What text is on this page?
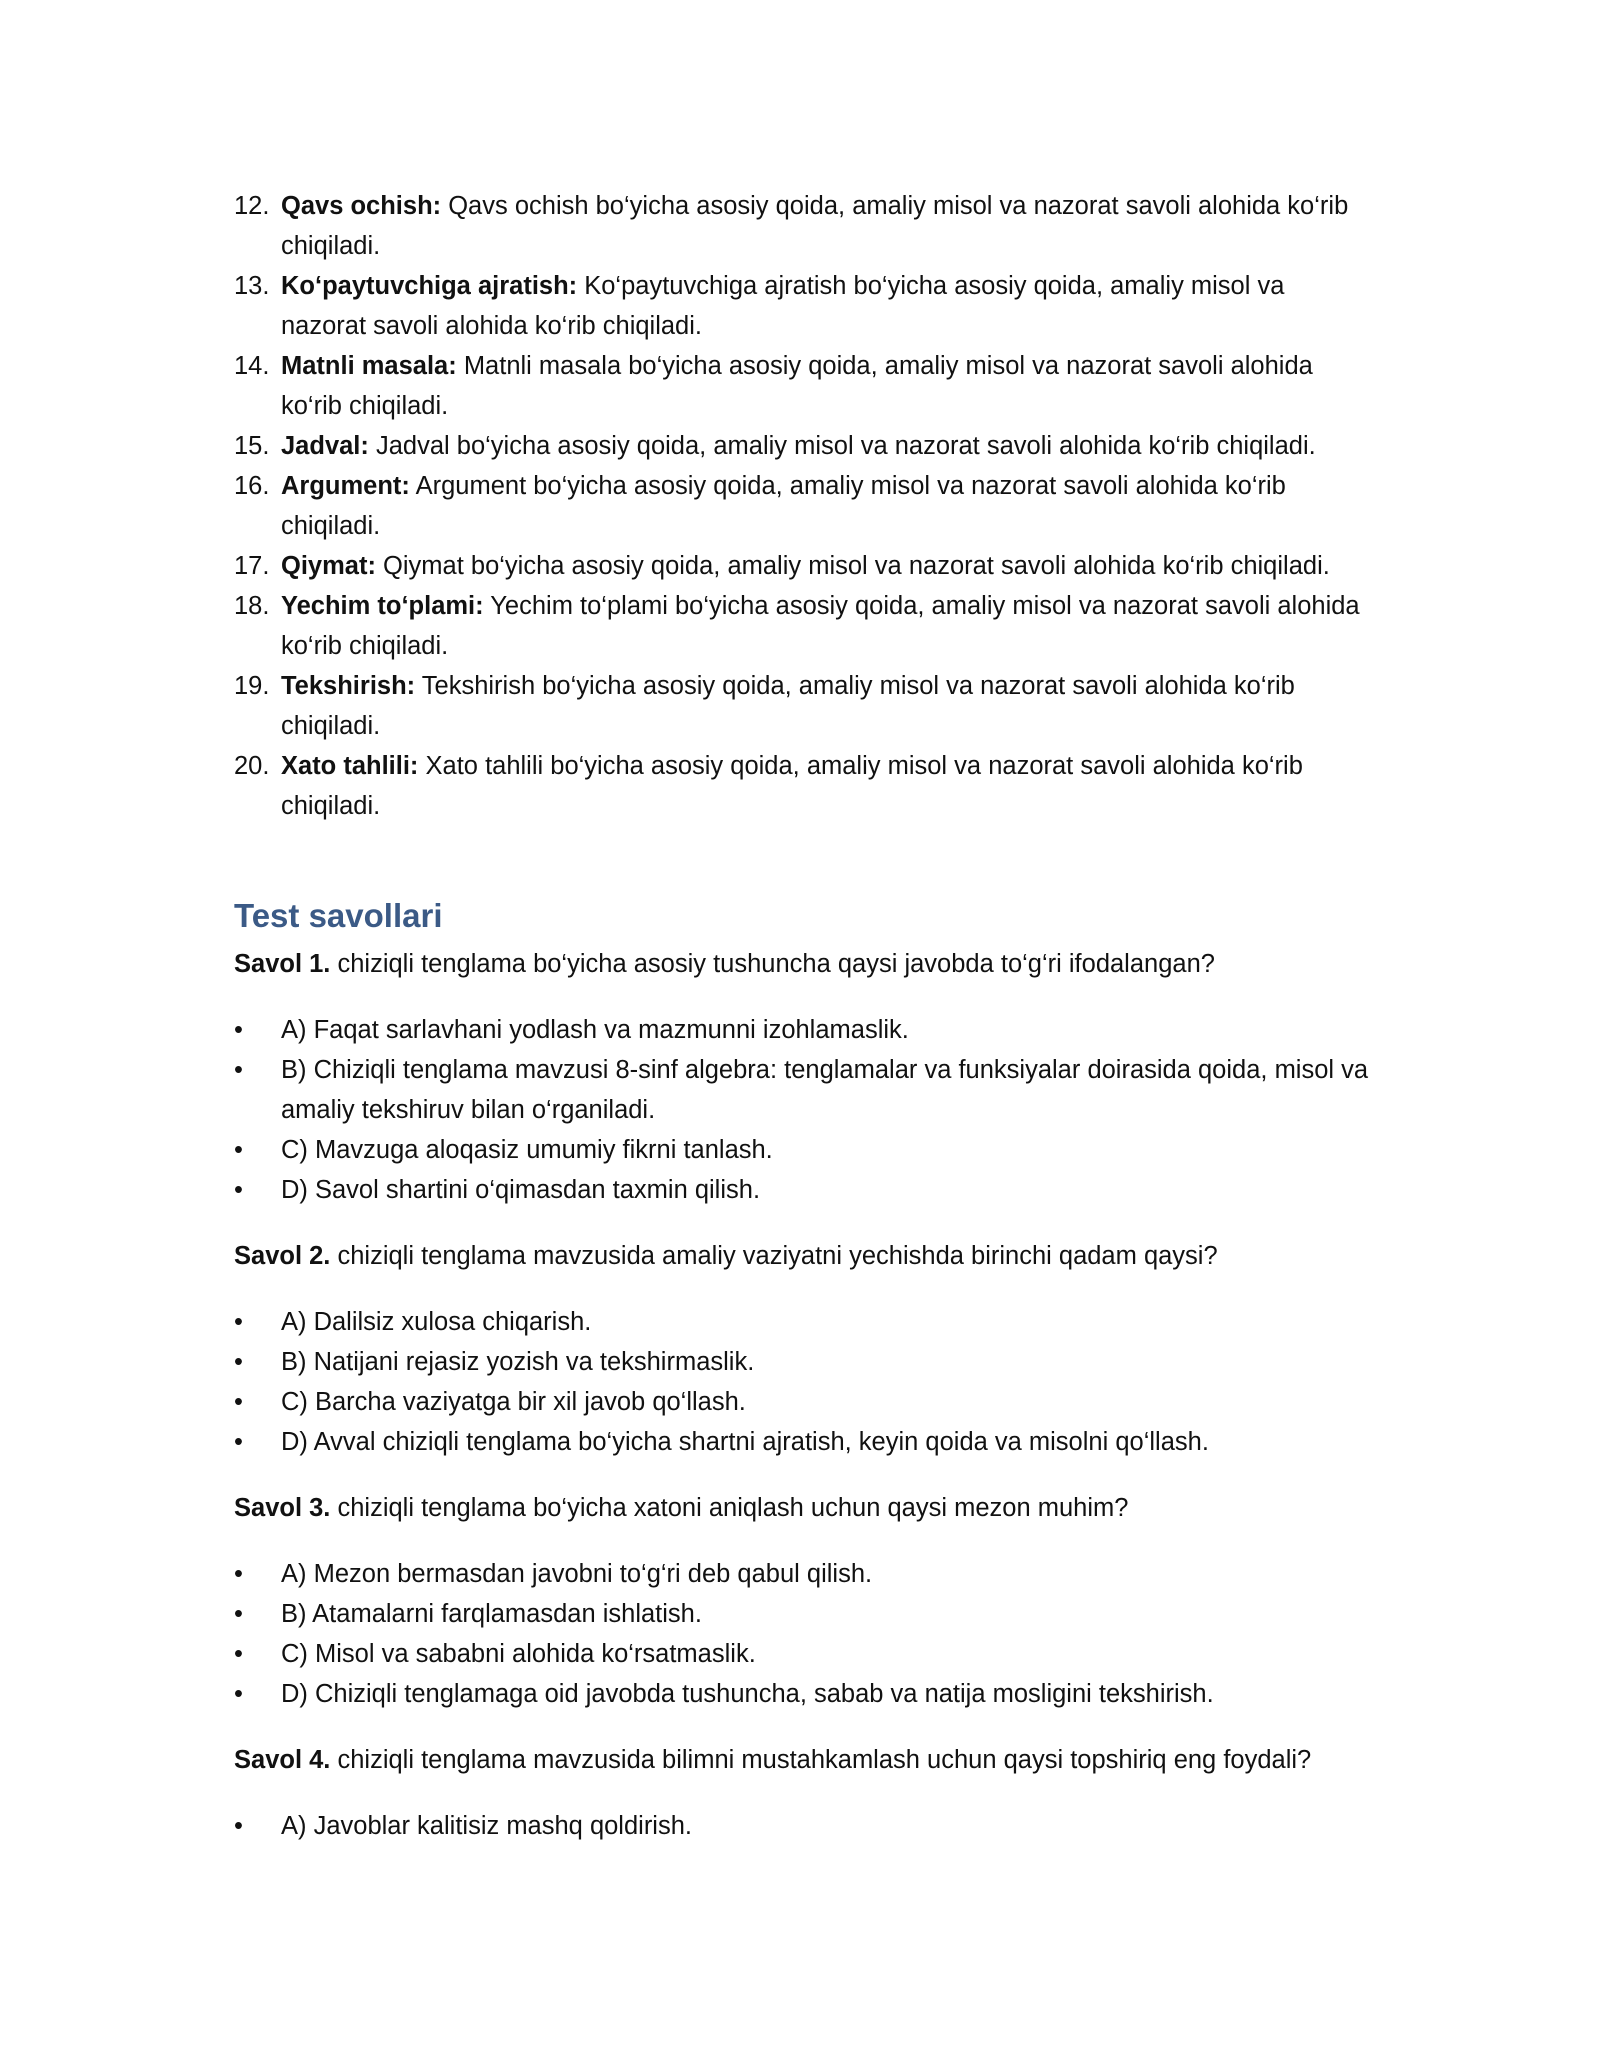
12. Qavs ochish: Qavs ochish bo‘yicha asosiy qoida, amaliy misol va nazorat savoli alohida ko‘rib chiqiladi.
13. Ko‘paytuvchiga ajratish: Ko‘paytuvchiga ajratish bo‘yicha asosiy qoida, amaliy misol va nazorat savoli alohida ko‘rib chiqiladi.
14. Matnli masala: Matnli masala bo‘yicha asosiy qoida, amaliy misol va nazorat savoli alohida ko‘rib chiqiladi.
15. Jadval: Jadval bo‘yicha asosiy qoida, amaliy misol va nazorat savoli alohida ko‘rib chiqiladi.
16. Argument: Argument bo‘yicha asosiy qoida, amaliy misol va nazorat savoli alohida ko‘rib chiqiladi.
17. Qiymat: Qiymat bo‘yicha asosiy qoida, amaliy misol va nazorat savoli alohida ko‘rib chiqiladi.
18. Yechim to‘plami: Yechim to‘plami bo‘yicha asosiy qoida, amaliy misol va nazorat savoli alohida ko‘rib chiqiladi.
19. Tekshirish: Tekshirish bo‘yicha asosiy qoida, amaliy misol va nazorat savoli alohida ko‘rib chiqiladi.
20. Xato tahlili: Xato tahlili bo‘yicha asosiy qoida, amaliy misol va nazorat savoli alohida ko‘rib chiqiladi.
Test savollari

Savol 1. chiziqli tenglama bo‘yicha asosiy tushuncha qaysi javobda to‘g‘ri ifodalangan?

•	A) Faqat sarlavhani yodlash va mazmunni izohlamaslik.
•	B) Chiziqli tenglama mavzusi 8-sinf algebra: tenglamalar va funksiyalar doirasida qoida, misol va amaliy tekshiruv bilan o‘rganiladi.
•	C) Mavzuga aloqasiz umumiy fikrni tanlash.
•	D) Savol shartini o‘qimasdan taxmin qilish.

Savol 2. chiziqli tenglama mavzusida amaliy vaziyatni yechishda birinchi qadam qaysi?

•	A) Dalilsiz xulosa chiqarish.
•	B) Natijani rejasiz yozish va tekshirmaslik.
•	C) Barcha vaziyatga bir xil javob qo‘llash.
•	D) Avval chiziqli tenglama bo‘yicha shartni ajratish, keyin qoida va misolni qo‘llash.

Savol 3. chiziqli tenglama bo‘yicha xatoni aniqlash uchun qaysi mezon muhim?

•	A) Mezon bermasdan javobni to‘g‘ri deb qabul qilish.
•	B) Atamalarni farqlamasdan ishlatish.
•	C) Misol va sababni alohida ko‘rsatmaslik.
•	D) Chiziqli tenglamaga oid javobda tushuncha, sabab va natija mosligini tekshirish.

Savol 4. chiziqli tenglama mavzusida bilimni mustahkamlash uchun qaysi topshiriq eng foydali?

•	A) Javoblar kalitisiz mashq qoldirish.
